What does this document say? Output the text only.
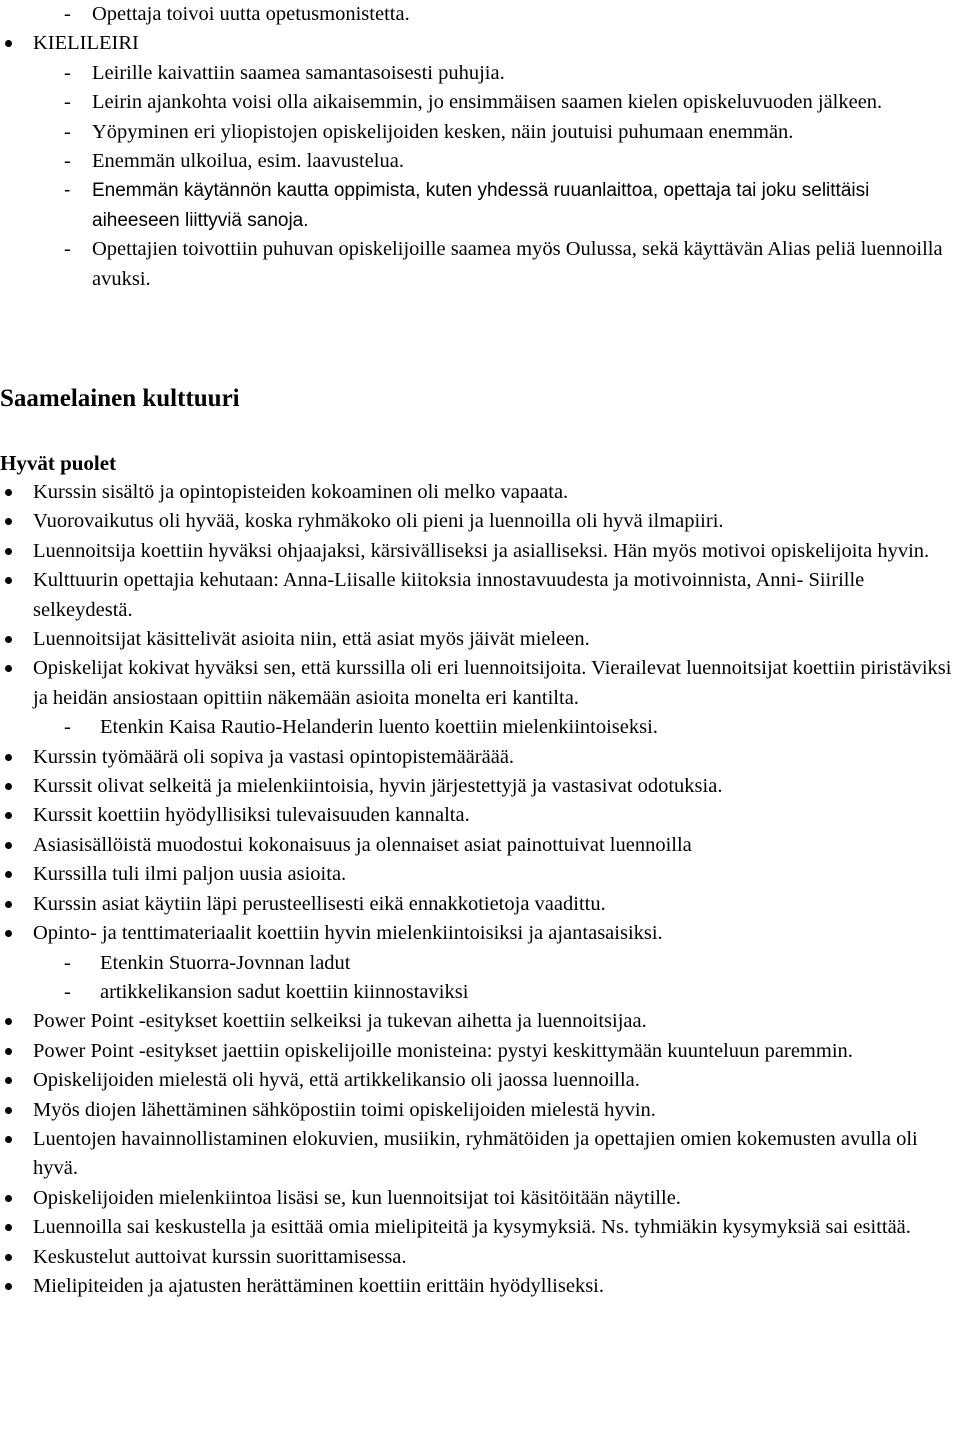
- Opettaja toivoi uutta opetusmonistetta.
KIELILEIRI
- Leirille kaivattiin saamea samantasoisesti puhujia.
- Leirin ajankohta voisi olla aikaisemmin, jo ensimmäisen saamen kielen opiskeluvuoden jälkeen.
- Yöpyminen eri yliopistojen opiskelijoiden kesken, näin joutuisi puhumaan enemmän.
- Enemmän ulkoilua, esim. laavustelua.
- Enemmän käytännön kautta oppimista, kuten yhdessä ruuanlaittoa, opettaja tai joku selittäisi aiheeseen liittyviä sanoja.
- Opettajien toivottiin puhuvan opiskelijoille saamea myös Oulussa, sekä käyttävän Alias peliä luennoilla avuksi.
Saamelainen kulttuuri
Hyvät puolet
Kurssin sisältö ja opintopisteiden kokoaminen oli melko vapaata.
Vuorovaikutus oli hyvää, koska ryhmäkoko oli pieni ja luennoilla oli hyvä ilmapiiri.
Luennoitsija koettiin hyväksi ohjaajaksi, kärsivälliseksi ja asialliseksi. Hän myös motivoi opiskelijoita hyvin.
Kulttuurin opettajia kehutaan: Anna-Liisalle kiitoksia innostavuudesta ja motivoinnista, Anni- Siirille selkeydestä.
Luennoitsijat käsittelivät asioita niin, että asiat myös jäivät mieleen.
Opiskelijat kokivat hyväksi sen, että kurssilla oli eri luennoitsijoita. Vierailevat luennoitsijat koettiin piristäviksi ja heidän ansiostaan opittiin näkemään asioita monelta eri kantilta.
- Etenkin Kaisa Rautio-Helanderin luento koettiin mielenkiintoiseksi.
Kurssin työmäärä oli sopiva ja vastasi opintopistemääräää.
Kurssit olivat selkeitä ja mielenkiintoisia, hyvin järjestettyjä ja vastasivat odotuksia.
Kurssit koettiin hyödyllisiksi tulevaisuuden kannalta.
Asiasisällöistä muodostui kokonaisuus ja olennaiset asiat painottuivat luennoilla
Kurssilla tuli ilmi paljon uusia asioita.
Kurssin asiat käytiin läpi perusteellisesti eikä ennakkotietoja vaadittu.
Opinto- ja tenttimateriaalit koettiin hyvin mielenkiintoisiksi ja ajantasaisiksi.
- Etenkin Stuorra-Jovnnan ladut
- artikkelikansion sadut koettiin kiinnostaviksi
Power Point -esitykset koettiin selkeiksi ja tukevan aihetta ja luennoitsijaa.
Power Point -esitykset jaettiin opiskelijoille monisteina: pystyi keskittymään kuunteluun paremmin.
Opiskelijoiden mielestä oli hyvä, että artikkelikansio oli jaossa luennoilla.
Myös diojen lähettäminen sähköpostiin toimi opiskelijoiden mielestä hyvin.
Luentojen havainnollistaminen elokuvien, musiikin, ryhmätöiden ja opettajien omien kokemusten avulla oli hyvä.
Opiskelijoiden mielenkiintoa lisäsi se, kun luennoitsijat toi käsitöitään näytille.
Luennoilla sai keskustella ja esittää omia mielipiteitä ja kysymyksiä. Ns. tyhmiäkin kysymyksiä sai esittää.
Keskustelut auttoivat kurssin suorittamisessa.
Mielipiteiden ja ajatusten herättäminen koettiin erittäin hyödylliseksi.
